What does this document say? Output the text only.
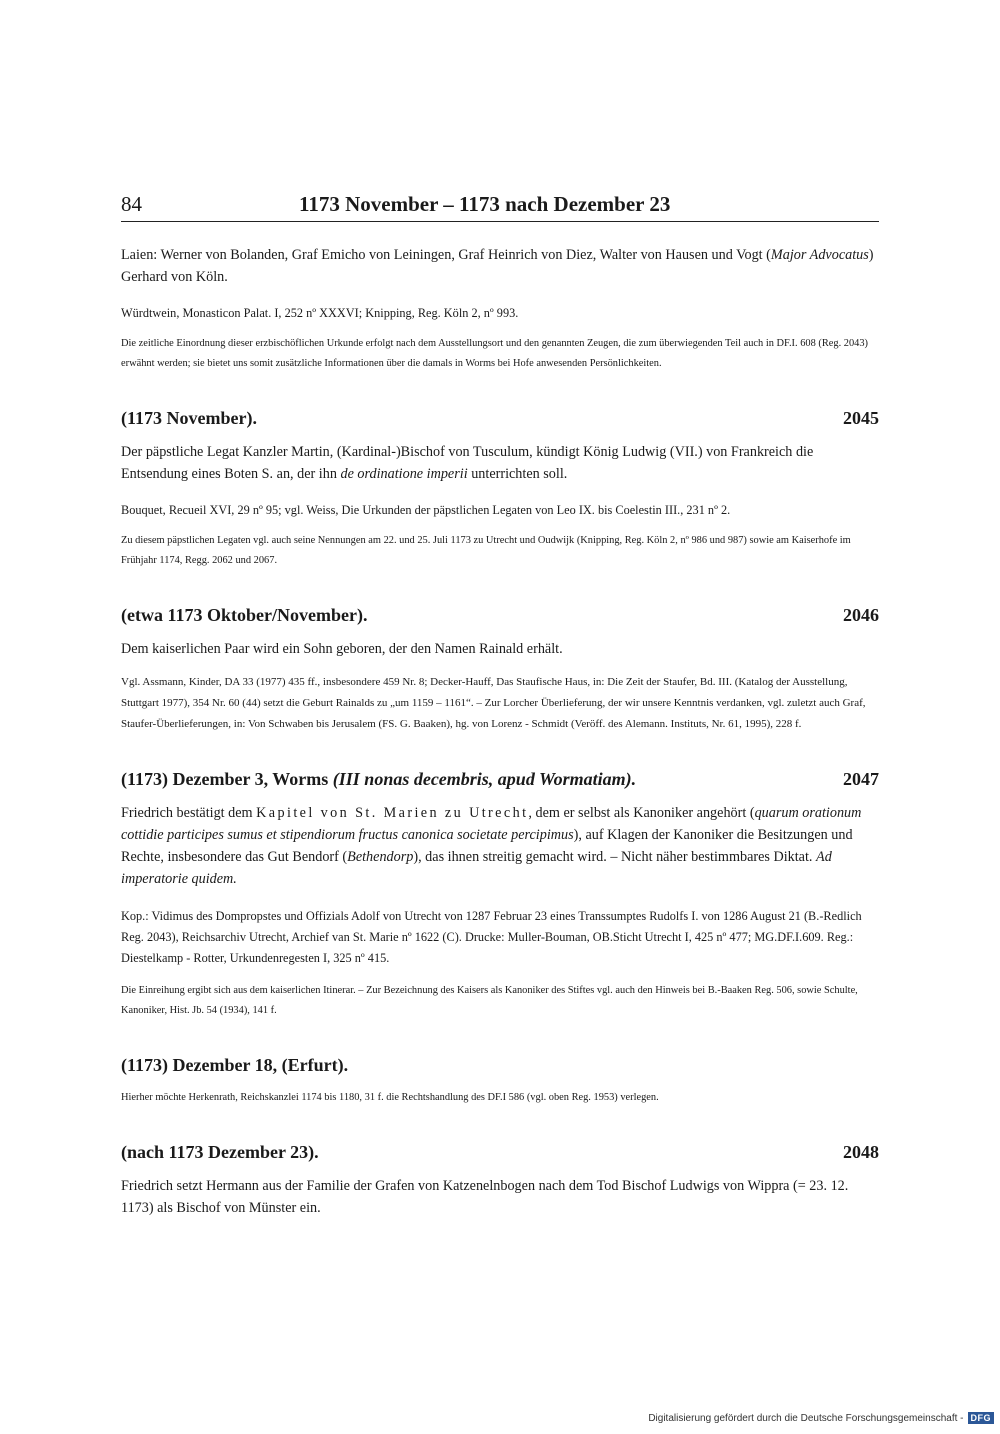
84	1173 November – 1173 nach Dezember 23

Laien: Werner von Bolanden, Graf Emicho von Leiningen, Graf Heinrich von Diez, Walter von Hausen und Vogt (Major Advocatus) Gerhard von Köln.

Würdtwein, Monasticon Palat. I, 252 nº XXXVI; Knipping, Reg. Köln 2, nº 993.

Die zeitliche Einordnung dieser erzbischöflichen Urkunde erfolgt nach dem Ausstellungsort und den genannten Zeugen, die zum überwiegenden Teil auch in DF.I. 608 (Reg. 2043) erwähnt werden; sie bietet uns somit zusätzliche Informationen über die damals in Worms bei Hofe anwesenden Persönlichkeiten.

(1173 November).	2045

Der päpstliche Legat Kanzler Martin, (Kardinal-)Bischof von Tusculum, kündigt König Ludwig (VII.) von Frankreich die Entsendung eines Boten S. an, der ihn de ordinatione imperii unterrichten soll.

Bouquet, Recueil XVI, 29 nº 95; vgl. Weiss, Die Urkunden der päpstlichen Legaten von Leo IX. bis Coelestin III., 231 nº 2.

Zu diesem päpstlichen Legaten vgl. auch seine Nennungen am 22. und 25. Juli 1173 zu Utrecht und Oudwijk (Knipping, Reg. Köln 2, nº 986 und 987) sowie am Kaiserhofe im Frühjahr 1174, Regg. 2062 und 2067.

(etwa 1173 Oktober/November).	2046

Dem kaiserlichen Paar wird ein Sohn geboren, der den Namen Rainald erhält.

Vgl. Assmann, Kinder, DA 33 (1977) 435 ff., insbesondere 459 Nr. 8; Decker-Hauff, Das Staufische Haus, in: Die Zeit der Staufer, Bd. III. (Katalog der Ausstellung, Stuttgart 1977), 354 Nr. 60 (44) setzt die Geburt Rainalds zu „um 1159 – 1161“. – Zur Lorcher Überlieferung, der wir unsere Kenntnis verdanken, vgl. zuletzt auch Graf, Staufer-Überlieferungen, in: Von Schwaben bis Jerusalem (FS. G. Baaken), hg. von Lorenz - Schmidt (Veröff. des Alemann. Instituts, Nr. 61, 1995), 228 f.

(1173) Dezember 3, Worms (III nonas decembris, apud Wormatiam).	2047

Friedrich bestätigt dem Kapitel von St. Marien zu Utrecht, dem er selbst als Kanoniker angehört (quarum orationum cottidie participes sumus et stipendiorum fructus canonica societate percipimus), auf Klagen der Kanoniker die Besitzungen und Rechte, insbesondere das Gut Bendorf (Bethendorp), das ihnen streitig gemacht wird. – Nicht näher bestimmbares Diktat. Ad imperatorie quidem.

Kop.: Vidimus des Dompropstes und Offizials Adolf von Utrecht von 1287 Februar 23 eines Transsumptes Rudolfs I. von 1286 August 21 (B.-Redlich Reg. 2043), Reichsarchiv Utrecht, Archief van St. Marie nº 1622 (C). Drucke: Muller-Bouman, OB.Sticht Utrecht I, 425 nº 477; MG.DF.I.609. Reg.: Diestelkamp - Rotter, Urkundenregesten I, 325 nº 415.

Die Einreihung ergibt sich aus dem kaiserlichen Itinerar. – Zur Bezeichnung des Kaisers als Kanoniker des Stiftes vgl. auch den Hinweis bei B.-Baaken Reg. 506, sowie Schulte, Kanoniker, Hist. Jb. 54 (1934), 141 f.

(1173) Dezember 18, (Erfurt).

Hierher möchte Herkenrath, Reichskanzlei 1174 bis 1180, 31 f. die Rechtshandlung des DF.I 586 (vgl. oben Reg. 1953) verlegen.

(nach 1173 Dezember 23).	2048

Friedrich setzt Hermann aus der Familie der Grafen von Katzenelnbogen nach dem Tod Bischof Ludwigs von Wippra (= 23. 12. 1173) als Bischof von Münster ein.

Digitalisierung gefördert durch die Deutsche Forschungsgemeinschaft - DFG
